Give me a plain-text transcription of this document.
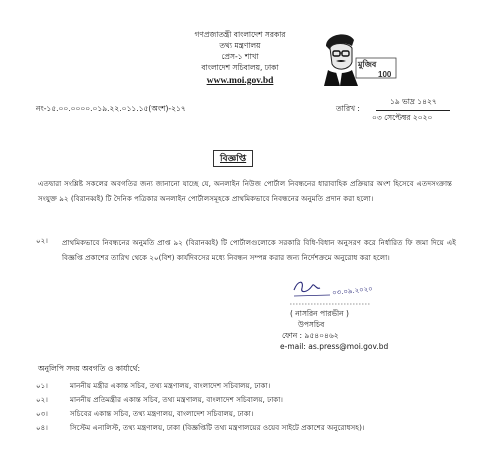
গণপ্রজাতন্ত্রী বাংলাদেশ সরকার
তথ্য মন্ত্রণালয়
প্রেস-১ শাখা
বাংলাদেশ সচিবালয়, ঢাকা
www.moi.gov.bd
মুজিব
100
নং-১৫.০০.০০০০.০১৯.২২.০১১.১৫(অংশ)-২১৭	তারিখ :
১৯ ভাদ্র ১৪২৭
০৩ সেপ্টেম্বর ২০২০
বিজ্ঞপ্তি
এতদ্বারা সংশ্লিষ্ট সকলের অবগতির জন্য জানানো যাচ্ছে যে, অনলাইন নিউজ পোর্টাল নিবন্ধনের ধারাবাহিক প্রক্রিয়ার অংশ হিসেবে এতদসংক্রান্ত সংযুক্ত ৯২ (বিরানব্বই) টি দৈনিক পত্রিকার অনলাইন পোর্টালসমূহকে প্রাথমিকভাবে নিবন্ধনের অনুমতি প্রদান করা হলো।
০২। প্রাথমিকভাবে নিবন্ধনের অনুমতি প্রাপ্ত ৯২ (বিরানব্বই) টি পোর্টালগুলোকে সরকারি বিধি-বিধান অনুসরণ করে নির্ধারিত ফি জমা দিয়ে এই বিজ্ঞপ্তি প্রকাশের তারিখ থেকে ২০(বিশ) কার্যদিবসের মধ্যে নিবন্ধন সম্পন্ন করার জন্য নির্দেশক্রমে অনুরোধ করা হলো।
০৩.০৯.২০২০
( নাসরিন পারভীন )
উপসচিব
ফোন : ৯৫৪০৪৬২
e-mail: as.press@moi.gov.bd
অনুলিপি সদয় অবগতি ও কার্যার্থে:
০১।	মাননীয় মন্ত্রীর একান্ত সচিব, তথ্য মন্ত্রণালয়, বাংলাদেশ সচিবালয়, ঢাকা।
০২।	মাননীয় প্রতিমন্ত্রীর একান্ত সচিব, তথ্য মন্ত্রণালয়, বাংলাদেশ সচিবালয়, ঢাকা।
০৩।	সচিবের একান্ত সচিব, তথ্য মন্ত্রণালয়, বাংলাদেশ সচিবালয়, ঢাকা।
০৪।	সিস্টেম এনালিস্ট, তথ্য মন্ত্রণালয়, ঢাকা (বিজ্ঞপ্তিটি তথ্য মন্ত্রণালয়ের ওয়েব সাইটে প্রকাশের অনুরোধসহ)।
